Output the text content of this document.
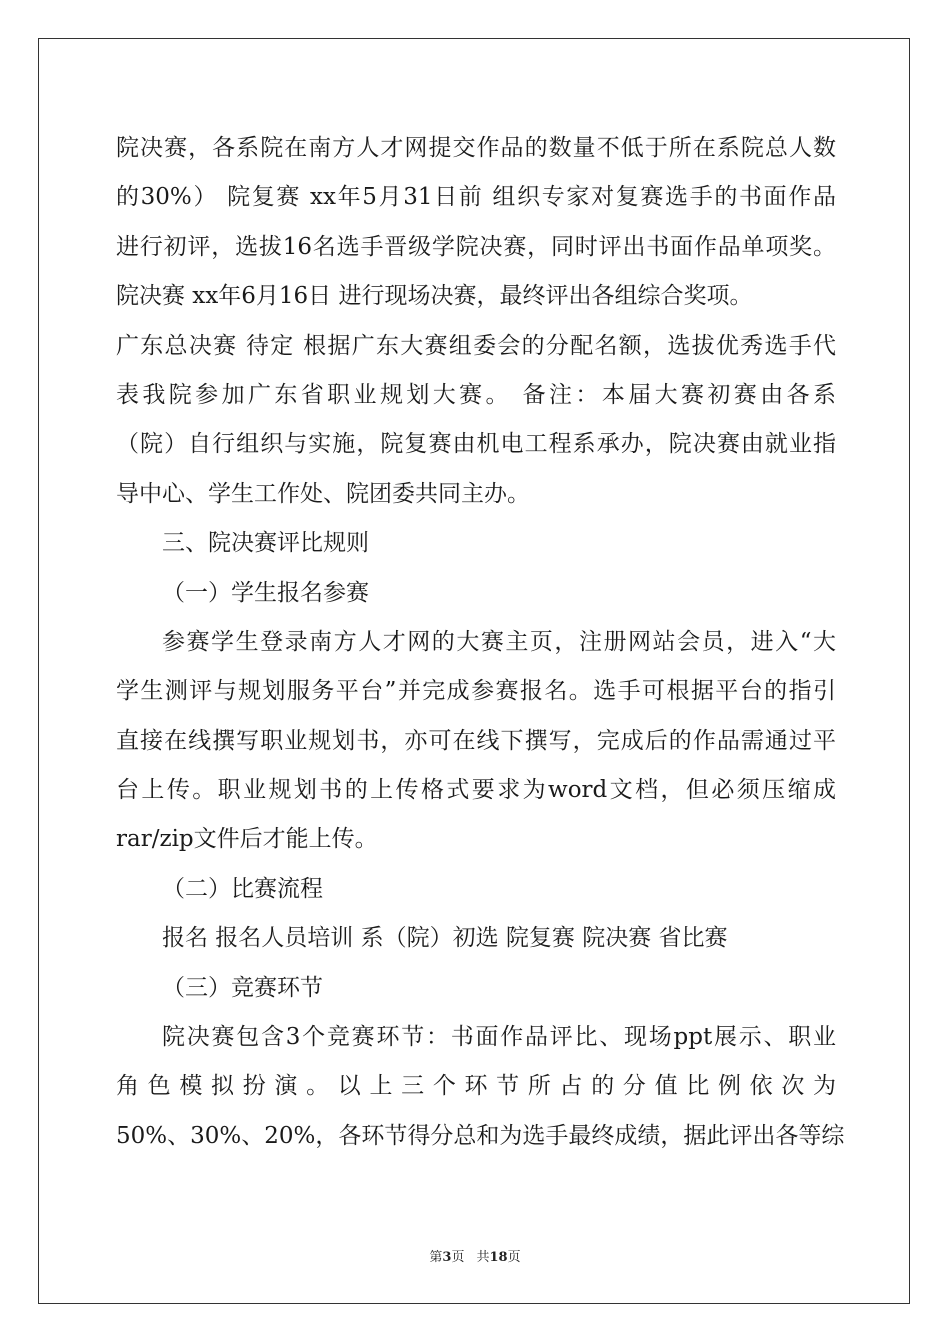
院决赛，各系院在南方人才网提交作品的数量不低于所在系院总人数
的30%） 院复赛 xx年5月31日前 组织专家对复赛选手的书面作品
进行初评，选拔16名选手晋级学院决赛，同时评出书面作品单项奖。
院决赛 xx年6月16日 进行现场决赛，最终评出各组综合奖项。
广东总决赛 待定 根据广东大赛组委会的分配名额，选拔优秀选手代
表我院参加广东省职业规划大赛。 备注：本届大赛初赛由各系
（院）自行组织与实施，院复赛由机电工程系承办，院决赛由就业指
导中心、学生工作处、院团委共同主办。
三、院决赛评比规则
（一）学生报名参赛
参赛学生登录南方人才网的大赛主页，注册网站会员，进入“大
学生测评与规划服务平台”并完成参赛报名。选手可根据平台的指引
直接在线撰写职业规划书，亦可在线下撰写，完成后的作品需通过平
台上传。职业规划书的上传格式要求为word文档，但必须压缩成
rar/zip文件后才能上传。
（二）比赛流程
报名 报名人员培训 系（院）初选 院复赛 院决赛 省比赛
（三）竞赛环节
院决赛包含3个竞赛环节：书面作品评比、现场ppt展示、职业
角色模拟扮演。以上三个环节所占的分值比例依次为
50%、30%、20%，各环节得分总和为选手最终成绩，据此评出各等综
第3页 共18页
